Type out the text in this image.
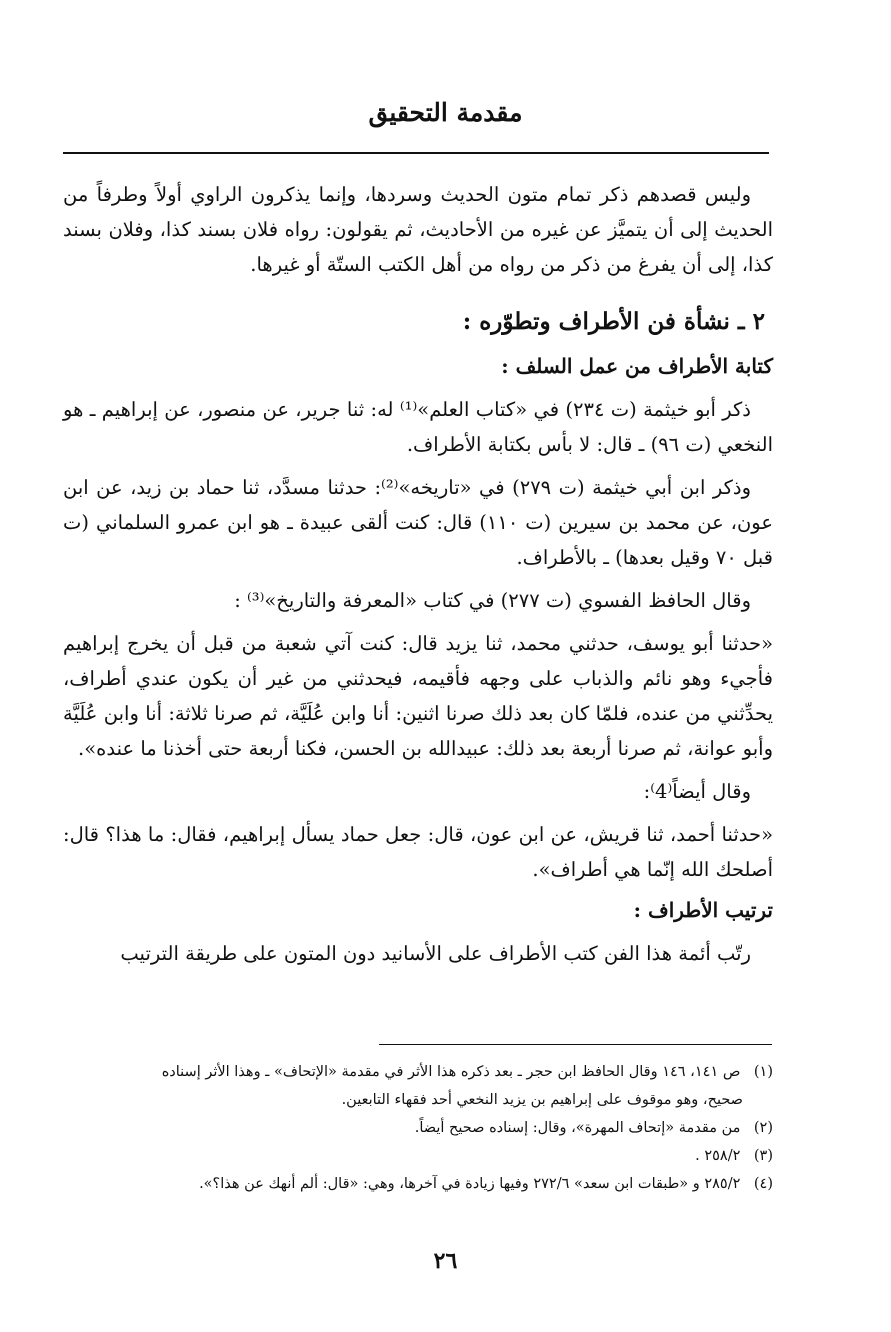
مقدمة التحقيق

وليس قصدهم ذكر تمام متون الحديث وسردها، وإنما يذكرون الراوي أولاً وطرفاً من الحديث إلى أن يتميَّز عن غيره من الأحاديث، ثم يقولون: رواه فلان بسند كذا، وفلان بسند كذا، إلى أن يفرغ من ذكر من رواه من أهل الكتب الستّة أو غيرها.

٢ ـ نشأة فن الأطراف وتطوّره :

كتابة الأطراف من عمل السلف :

ذكر أبو خيثمة (ت ٢٣٤) في «كتاب العلم»⁽¹⁾ له: ثنا جرير، عن منصور، عن إبراهيم ـ هو النخعي (ت ٩٦) ـ قال: لا بأس بكتابة الأطراف.

وذكر ابن أبي خيثمة (ت ٢٧٩) في «تاريخه»⁽²⁾: حدثنا مسدَّد، ثنا حماد بن زيد، عن ابن عون، عن محمد بن سيرين (ت ١١٠) قال: كنت ألقى عبيدة ـ هو ابن عمرو السلماني (ت قبل ٧٠ وقيل بعدها) ـ بالأطراف.

وقال الحافظ الفسوي (ت ٢٧٧) في كتاب «المعرفة والتاريخ»⁽³⁾ :

«حدثنا أبو يوسف، حدثني محمد، ثنا يزيد قال: كنت آتي شعبة من قبل أن يخرج إبراهيم فأجيء وهو نائم والذباب على وجهه فأقيمه، فيحدثني من غير أن يكون عندي أطراف، يحدِّثني من عنده، فلمّا كان بعد ذلك صرنا اثنين: أنا وابن عُلَيَّة، ثم صرنا ثلاثة: أنا وابن عُلَيَّة وأبو عوانة، ثم صرنا أربعة بعد ذلك: عبيدالله بن الحسن، فكنا أربعة حتى أخذنا ما عنده».

وقال أيضاً⁽4⁾:

«حدثنا أحمد، ثنا قريش، عن ابن عون، قال: جعل حماد يسأل إبراهيم، فقال: ما هذا؟ قال: أصلحك الله إنّما هي أطراف».

ترتيب الأطراف :

رتّب أئمة هذا الفن كتب الأطراف على الأسانيد دون المتون على طريقة الترتيب

(١) ص ١٤١، ١٤٦ وقال الحافظ ابن حجر ـ بعد ذكره هذا الأثر في مقدمة «الإتحاف» ـ وهذا الأثر إسناده

صحيح، وهو موقوف على إبراهيم بن يزيد النخعي أحد فقهاء التابعين.

(٢) من مقدمة «إتحاف المهرة»، وقال: إسناده صحيح أيضاً.

(٣) ٢٥٨/٢ .

(٤) ٢٨٥/٢ و «طبقات ابن سعد» ٢٧٢/٦ وفيها زيادة في آخرها، وهي: «قال: ألم أنهك عن هذا؟».

٢٦
